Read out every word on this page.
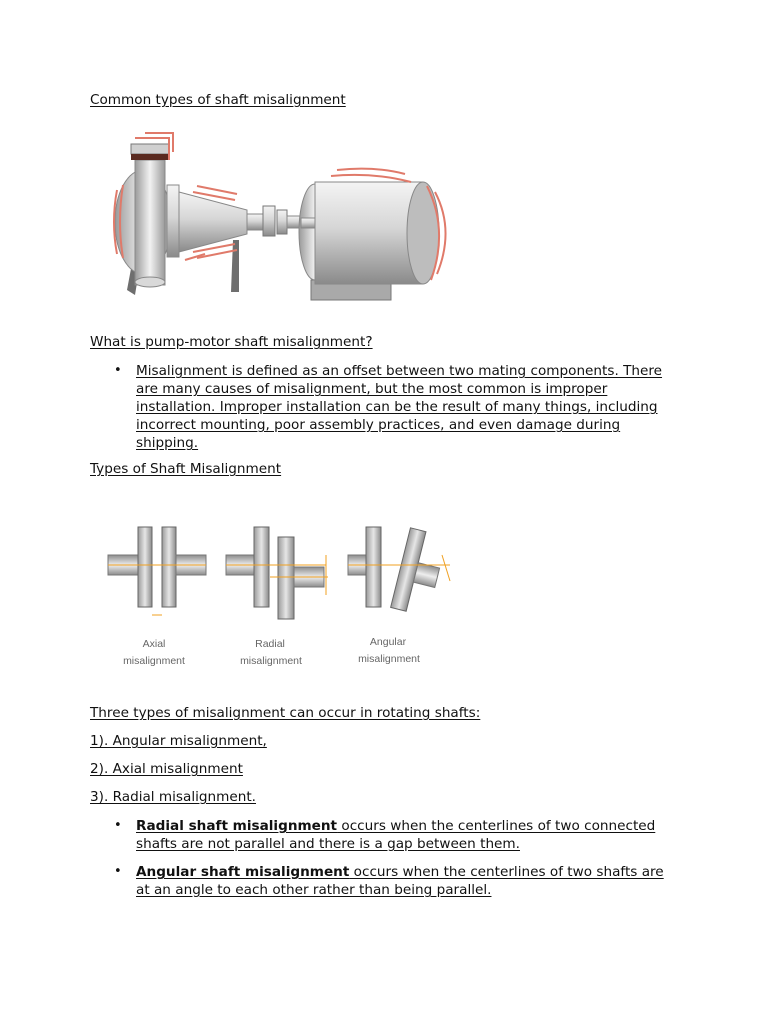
Common types of shaft misalignment

What is pump-motor shaft misalignment?

• Misalignment is defined as an offset between two mating components. There are many causes of misalignment, but the most common is improper installation. Improper installation can be the result of many things, including incorrect mounting, poor assembly practices, and even damage during shipping.

Types of Shaft Misalignment

Axial
misalignment
Radial
misalignment
Angular
misalignment

Three types of misalignment can occur in rotating shafts:

1). Angular misalignment,

2). Axial misalignment

3). Radial misalignment.

• Radial shaft misalignment occurs when the centerlines of two connected shafts are not parallel and there is a gap between them.
• Angular shaft misalignment occurs when the centerlines of two shafts are at an angle to each other rather than being parallel.
